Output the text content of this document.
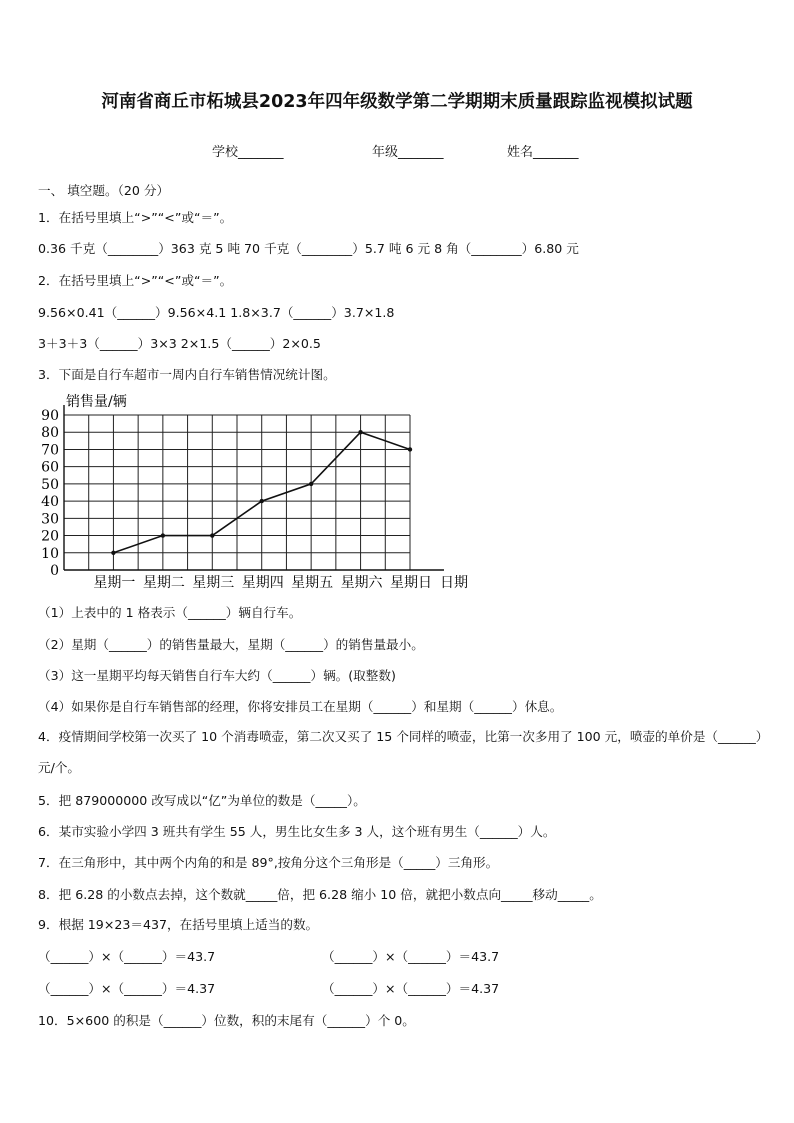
河南省商丘市柘城县2023年四年级数学第二学期期末质量跟踪监视模拟试题
学校_______	年级_______	姓名_______
一、 填空题。（20 分）
1．在括号里填上“>”“<”或“＝”。
0.36 千克（________）363 克 5 吨 70 千克（________）5.7 吨 6 元 8 角（________）6.80 元
2．在括号里填上“>”“<”或“＝”。
9.56×0.41（______）9.56×4.1 1.8×3.7（______）3.7×1.8
3＋3＋3（______）3×3 2×1.5（______）2×0.5
3．下面是自行车超市一周内自行车销售情况统计图。
0
10
20
30
40
50
60
70
80
90
销售量/辆
星期一 星期二 星期三 星期四 星期五 星期六 星期日 日期
（1）上表中的 1 格表示（______）辆自行车。
（2）星期（______）的销售量最大，星期（______）的销售量最小。
（3）这一星期平均每天销售自行车大约（______）辆。(取整数)
（4）如果你是自行车销售部的经理，你将安排员工在星期（______）和星期（______）休息。
4．疫情期间学校第一次买了 10 个消毒喷壶，第二次又买了 15 个同样的喷壶，比第一次多用了 100 元，喷壶的单价是（______）元/个。
5．把 879000000 改写成以“亿”为单位的数是（_____）。
6．某市实验小学四 3 班共有学生 55 人，男生比女生多 3 人，这个班有男生（______）人。
7．在三角形中，其中两个内角的和是 89°,按角分这个三角形是（_____）三角形。
8．把 6.28 的小数点去掉，这个数就_____倍，把 6.28 缩小 10 倍，就把小数点向_____移动_____。
9．根据 19×23＝437，在括号里填上适当的数。
（______）×（______）＝43.7	（______）×（______）＝43.7
（______）×（______）＝4.37	（______）×（______）＝4.37
10．5×600 的积是（______）位数，积的末尾有（______）个 0。
